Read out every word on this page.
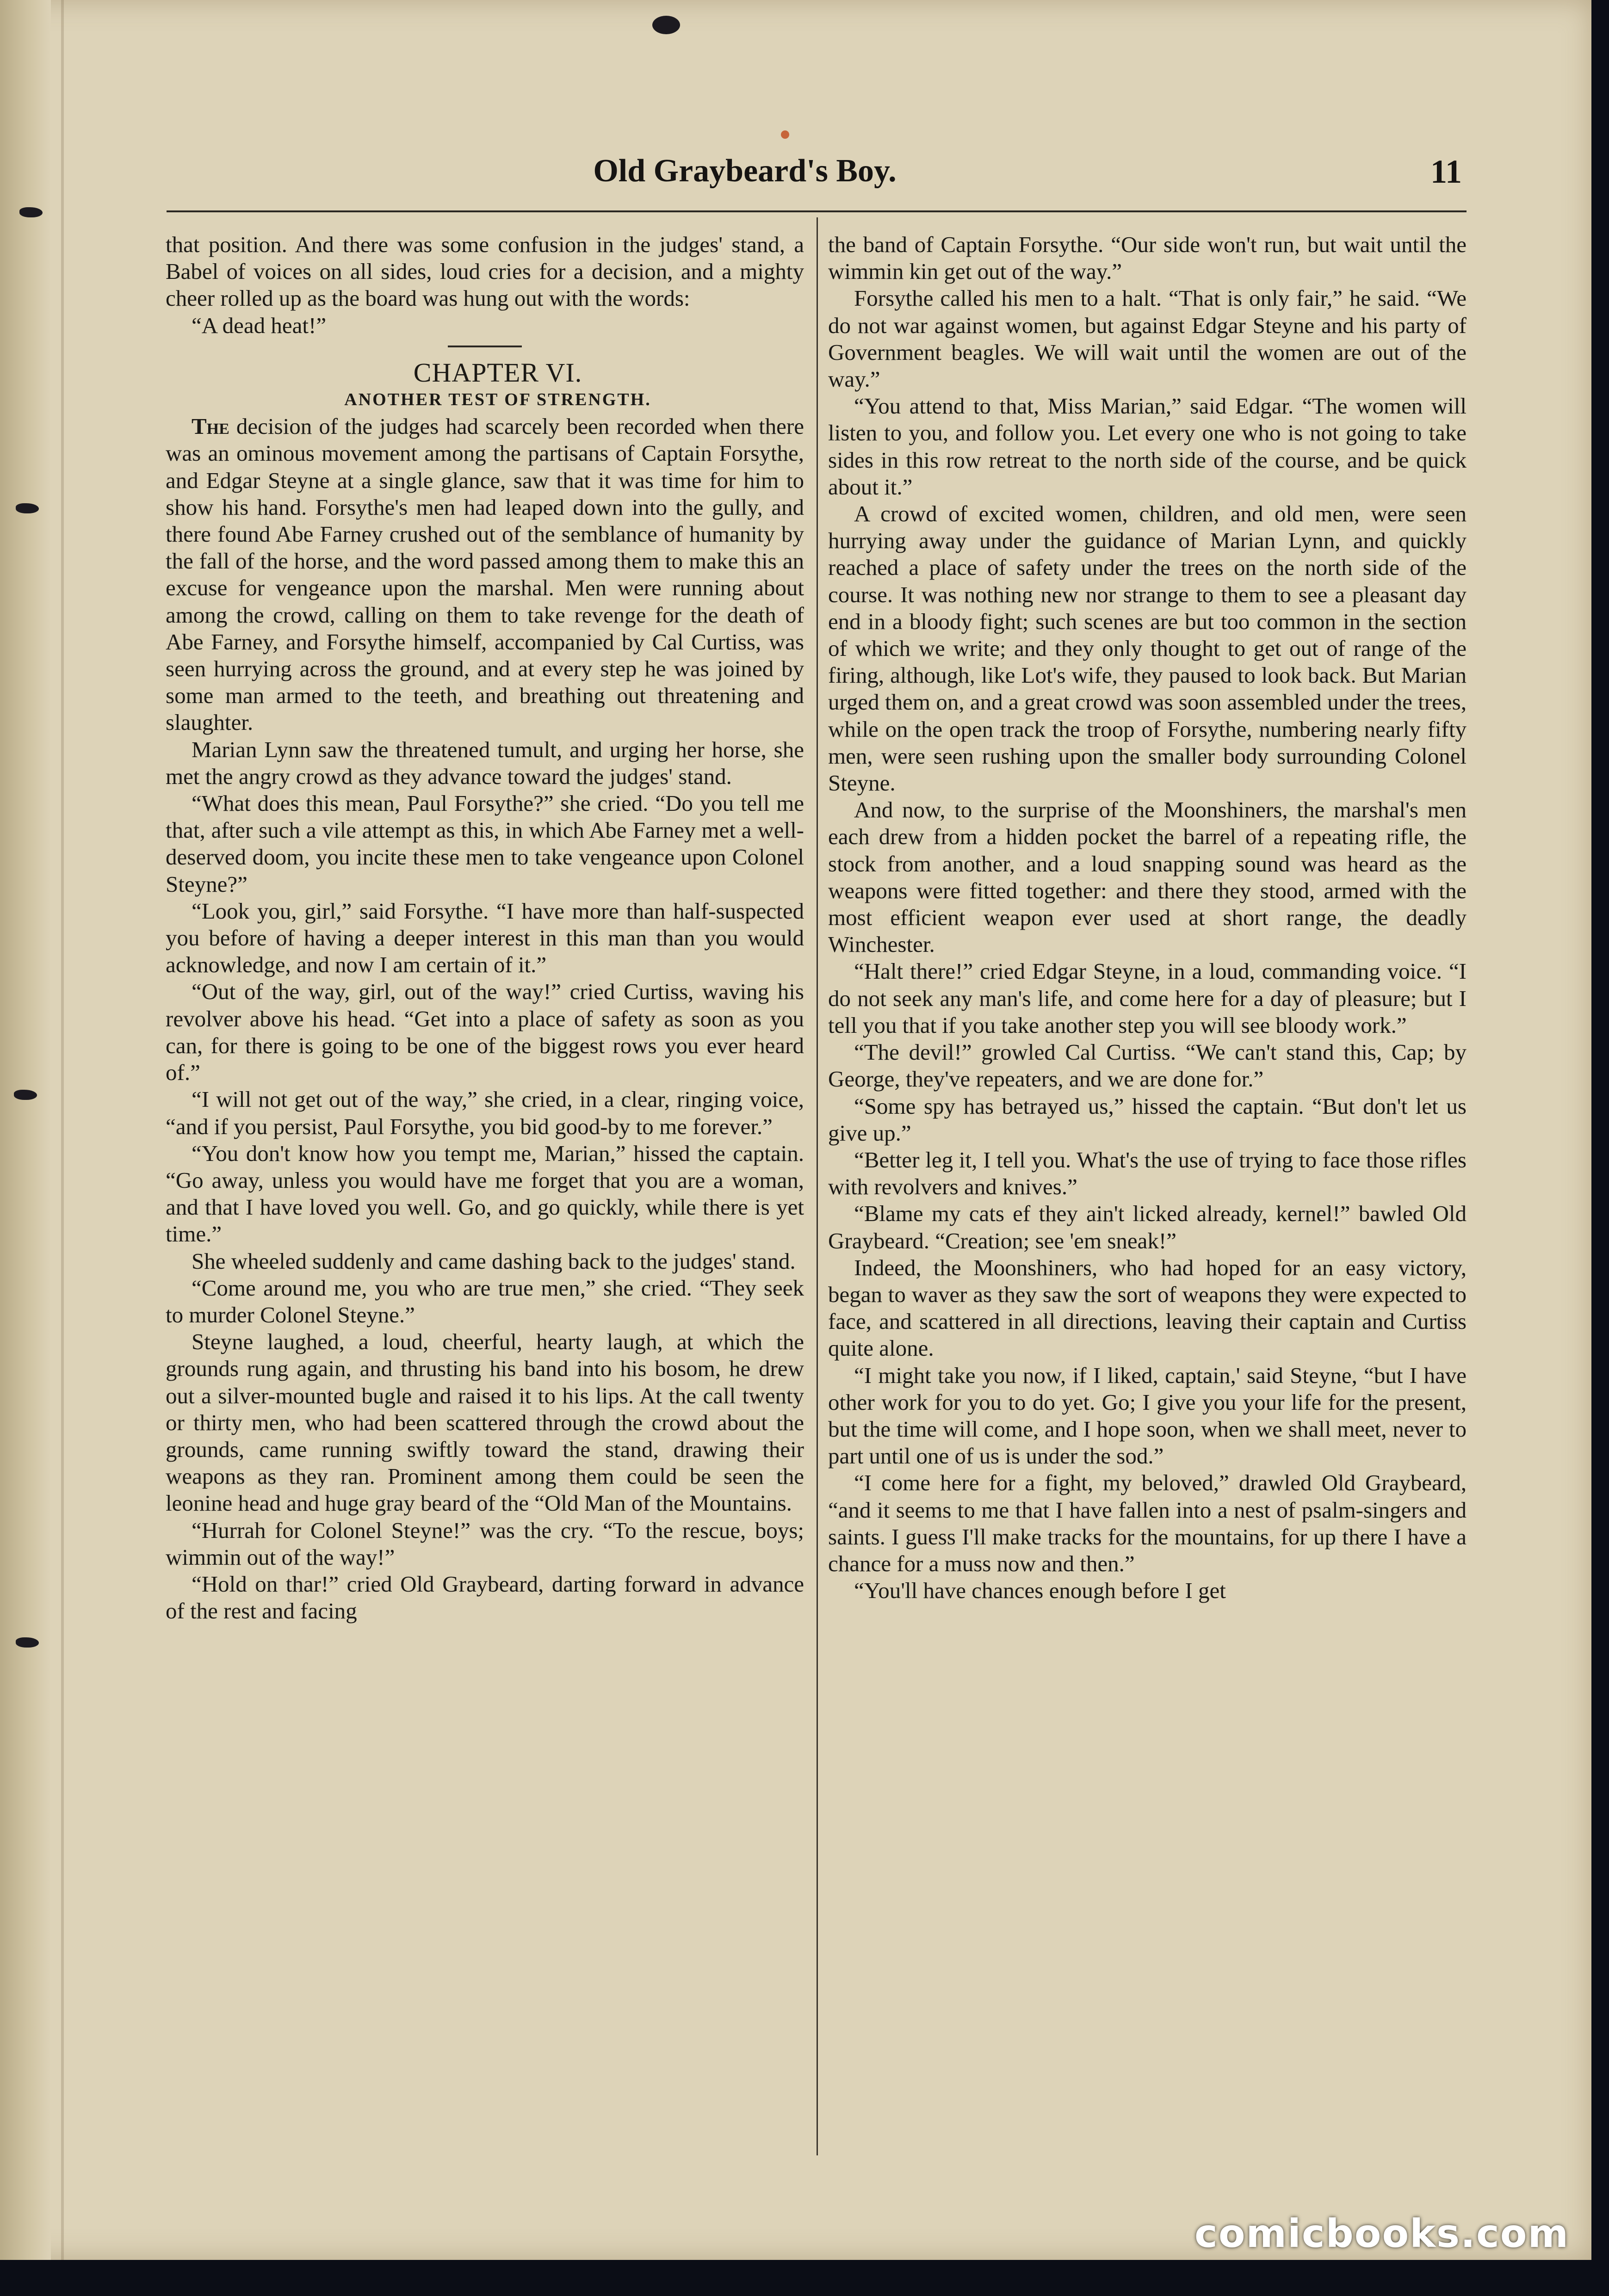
Old Graybeard's Boy.	11

that position. And there was some confusion in the judges' stand, a Babel of voices on all sides, loud cries for a decision, and a mighty cheer rolled up as the board was hung out with the words:

“A dead heat!”

CHAPTER VI.

ANOTHER TEST OF STRENGTH.

The decision of the judges had scarcely been recorded when there was an ominous movement among the partisans of Captain Forsythe, and Edgar Steyne at a single glance, saw that it was time for him to show his hand. Forsythe's men had leaped down into the gully, and there found Abe Farney crushed out of the semblance of humanity by the fall of the horse, and the word passed among them to make this an excuse for vengeance upon the marshal. Men were running about among the crowd, calling on them to take revenge for the death of Abe Farney, and Forsythe himself, accompanied by Cal Curtiss, was seen hurrying across the ground, and at every step he was joined by some man armed to the teeth, and breathing out threatening and slaughter.

Marian Lynn saw the threatened tumult, and urging her horse, she met the angry crowd as they advance toward the judges' stand.

“What does this mean, Paul Forsythe?” she cried. “Do you tell me that, after such a vile attempt as this, in which Abe Farney met a well-deserved doom, you incite these men to take vengeance upon Colonel Steyne?”

“Look you, girl,” said Forsythe. “I have more than half-suspected you before of having a deeper interest in this man than you would acknowledge, and now I am certain of it.”

“Out of the way, girl, out of the way!” cried Curtiss, waving his revolver above his head. “Get into a place of safety as soon as you can, for there is going to be one of the biggest rows you ever heard of.”

“I will not get out of the way,” she cried, in a clear, ringing voice, “and if you persist, Paul Forsythe, you bid good-by to me forever.”

“You don't know how you tempt me, Marian,” hissed the captain. “Go away, unless you would have me forget that you are a woman, and that I have loved you well. Go, and go quickly, while there is yet time.”

She wheeled suddenly and came dashing back to the judges' stand.

“Come around me, you who are true men,” she cried. “They seek to murder Colonel Steyne.”

Steyne laughed, a loud, cheerful, hearty laugh, at which the grounds rung again, and thrusting his band into his bosom, he drew out a silver-mounted bugle and raised it to his lips. At the call twenty or thirty men, who had been scattered through the crowd about the grounds, came running swiftly toward the stand, drawing their weapons as they ran. Prominent among them could be seen the leonine head and huge gray beard of the “Old Man of the Mountains.

“Hurrah for Colonel Steyne!” was the cry. “To the rescue, boys; wimmin out of the way!”

“Hold on thar!” cried Old Graybeard, darting forward in advance of the rest and facing

the band of Captain Forsythe. “Our side won't run, but wait until the wimmin kin get out of the way.”

Forsythe called his men to a halt. “That is only fair,” he said. “We do not war against women, but against Edgar Steyne and his party of Government beagles. We will wait until the women are out of the way.”

“You attend to that, Miss Marian,” said Edgar. “The women will listen to you, and follow you. Let every one who is not going to take sides in this row retreat to the north side of the course, and be quick about it.”

A crowd of excited women, children, and old men, were seen hurrying away under the guidance of Marian Lynn, and quickly reached a place of safety under the trees on the north side of the course. It was nothing new nor strange to them to see a pleasant day end in a bloody fight; such scenes are but too common in the section of which we write; and they only thought to get out of range of the firing, although, like Lot's wife, they paused to look back. But Marian urged them on, and a great crowd was soon assembled under the trees, while on the open track the troop of Forsythe, numbering nearly fifty men, were seen rushing upon the smaller body surrounding Colonel Steyne.

And now, to the surprise of the Moonshiners, the marshal's men each drew from a hidden pocket the barrel of a repeating rifle, the stock from another, and a loud snapping sound was heard as the weapons were fitted together: and there they stood, armed with the most efficient weapon ever used at short range, the deadly Winchester.

“Halt there!” cried Edgar Steyne, in a loud, commanding voice. “I do not seek any man's life, and come here for a day of pleasure; but I tell you that if you take another step you will see bloody work.”

“The devil!” growled Cal Curtiss. “We can't stand this, Cap; by George, they've repeaters, and we are done for.”

“Some spy has betrayed us,” hissed the captain. “But don't let us give up.”

“Better leg it, I tell you. What's the use of trying to face those rifles with revolvers and knives.”

“Blame my cats ef they ain't licked already, kernel!” bawled Old Graybeard. “Creation; see 'em sneak!”

Indeed, the Moonshiners, who had hoped for an easy victory, began to waver as they saw the sort of weapons they were expected to face, and scattered in all directions, leaving their captain and Curtiss quite alone.

“I might take you now, if I liked, captain,' said Steyne, “but I have other work for you to do yet. Go; I give you your life for the present, but the time will come, and I hope soon, when we shall meet, never to part until one of us is under the sod.”

“I come here for a fight, my beloved,” drawled Old Graybeard, “and it seems to me that I have fallen into a nest of psalm-singers and saints. I guess I'll make tracks for the mountains, for up there I have a chance for a muss now and then.”

“You'll have chances enough before I get

comicbooks.com
